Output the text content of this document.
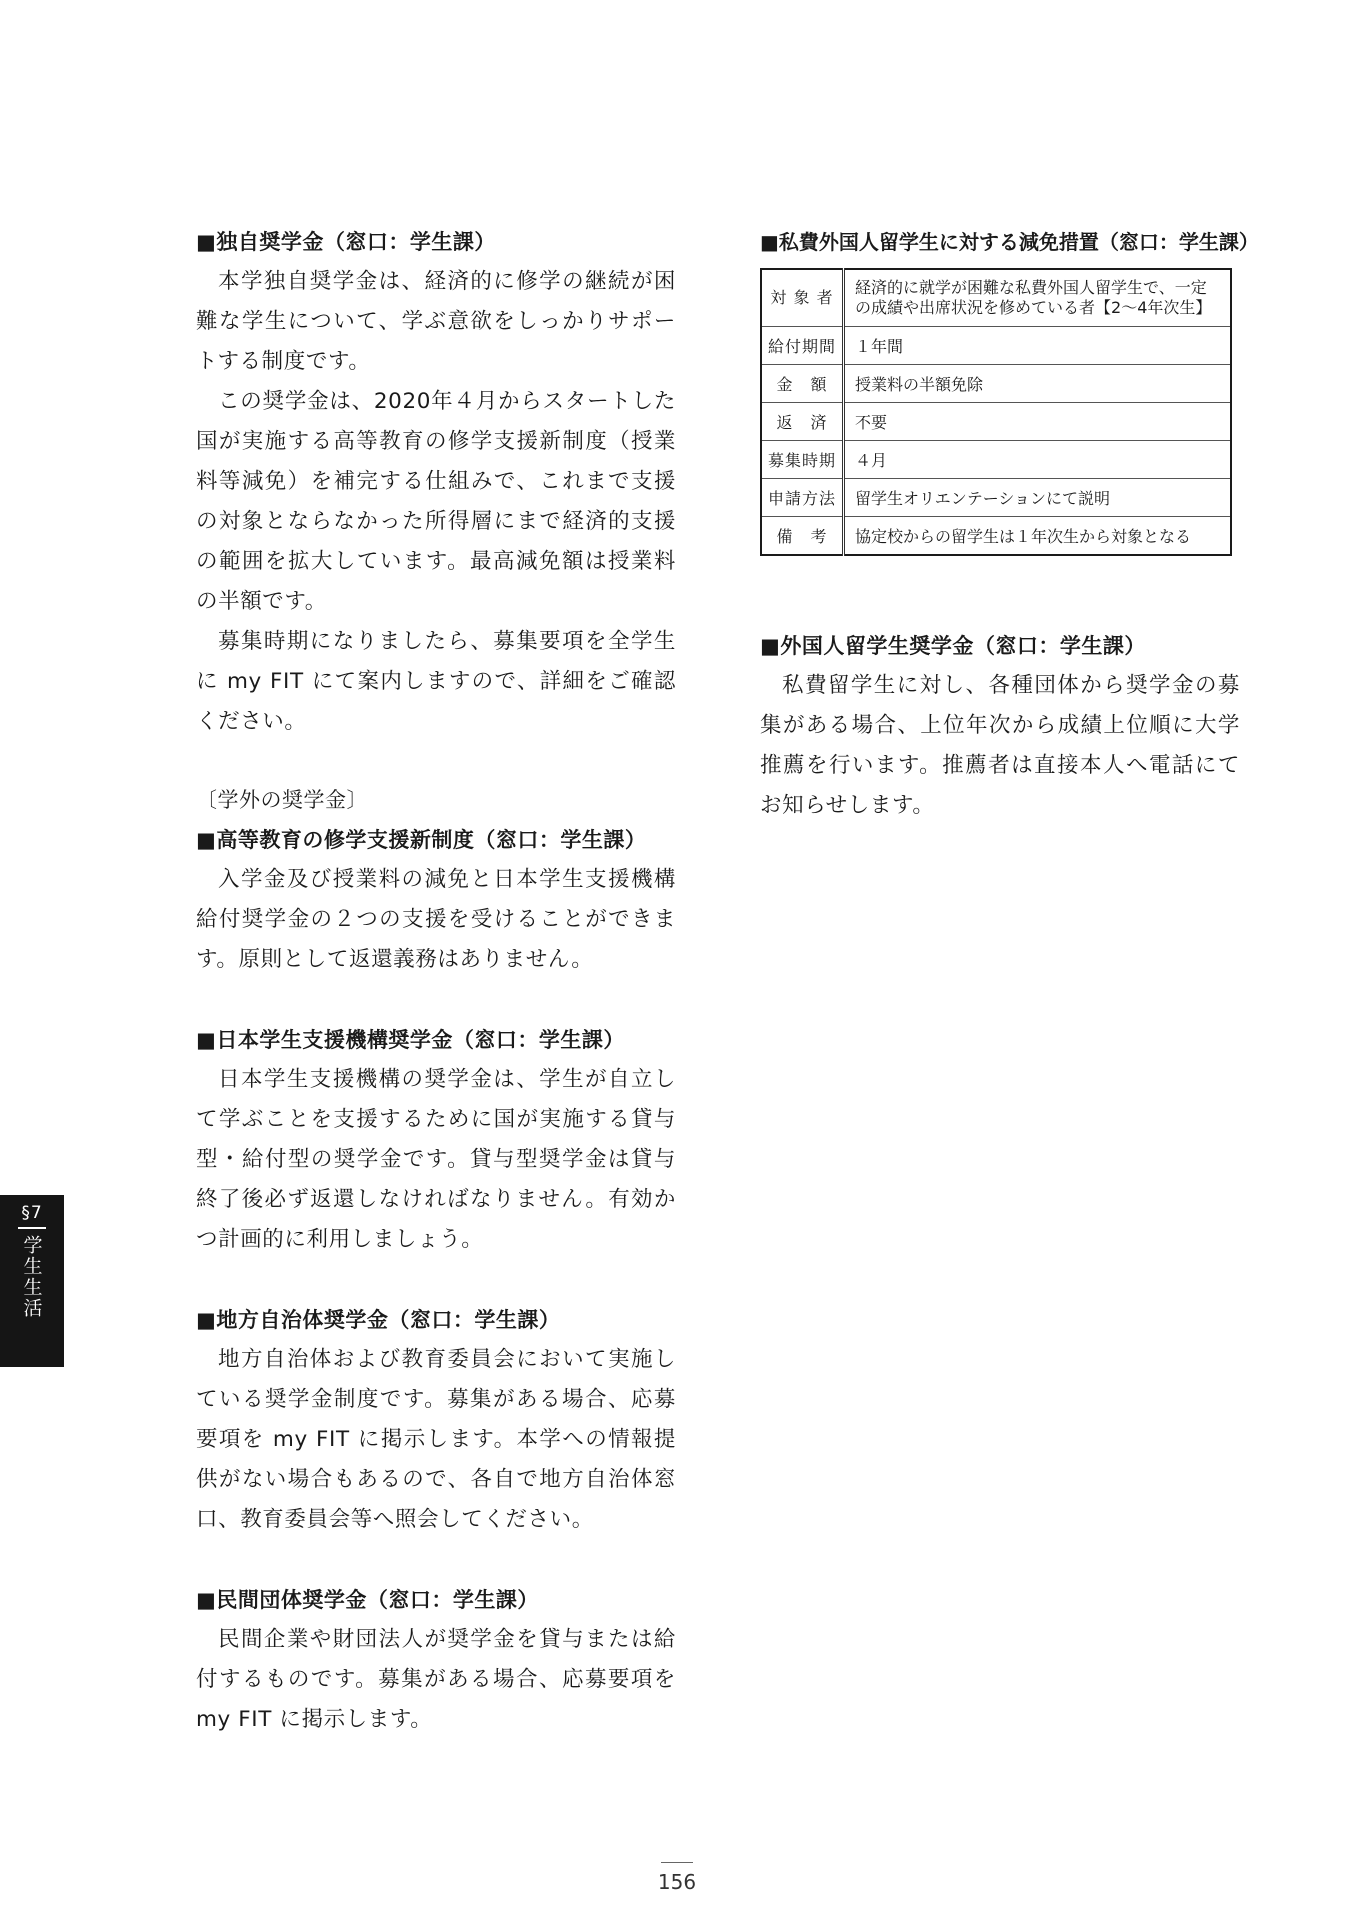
■独自奨学金（窓口：学生課）

本学独自奨学金は、経済的に修学の継続が困難な学生について、学ぶ意欲をしっかりサポートする制度です。

この奨学金は、2020年４月からスタートした国が実施する高等教育の修学支援新制度（授業料等減免）を補完する仕組みで、これまで支援の対象とならなかった所得層にまで経済的支援の範囲を拡大しています。最高減免額は授業料の半額です。

募集時期になりましたら、募集要項を全学生に my FIT にて案内しますので、詳細をご確認ください。

〔学外の奨学金〕

■高等教育の修学支援新制度（窓口：学生課）

入学金及び授業料の減免と日本学生支援機構給付奨学金の２つの支援を受けることができます。原則として返還義務はありません。

■日本学生支援機構奨学金（窓口：学生課）

日本学生支援機構の奨学金は、学生が自立して学ぶことを支援するために国が実施する貸与型・給付型の奨学金です。貸与型奨学金は貸与終了後必ず返還しなければなりません。有効かつ計画的に利用しましょう。

■地方自治体奨学金（窓口：学生課）

地方自治体および教育委員会において実施している奨学金制度です。募集がある場合、応募要項を my FIT に掲示します。本学への情報提供がない場合もあるので、各自で地方自治体窓口、教育委員会等へ照会してください。

■民間団体奨学金（窓口：学生課）

民間企業や財団法人が奨学金を貸与または給付するものです。募集がある場合、応募要項を my FIT に掲示します。

■私費外国人留学生に対する減免措置（窓口：学生課）

対 象 者	経済的に就学が困難な私費外国人留学生で、一定の成績や出席状況を修めている者【2～4年次生】
給付期間	１年間
金　額	授業料の半額免除
返　済	不要
募集時期	４月
申請方法	留学生オリエンテーションにて説明
備　考	協定校からの留学生は１年次生から対象となる

■外国人留学生奨学金（窓口：学生課）

私費留学生に対し、各種団体から奨学金の募集がある場合、上位年次から成績上位順に大学推薦を行います。推薦者は直接本人へ電話にてお知らせします。

§7
学生生活
156
